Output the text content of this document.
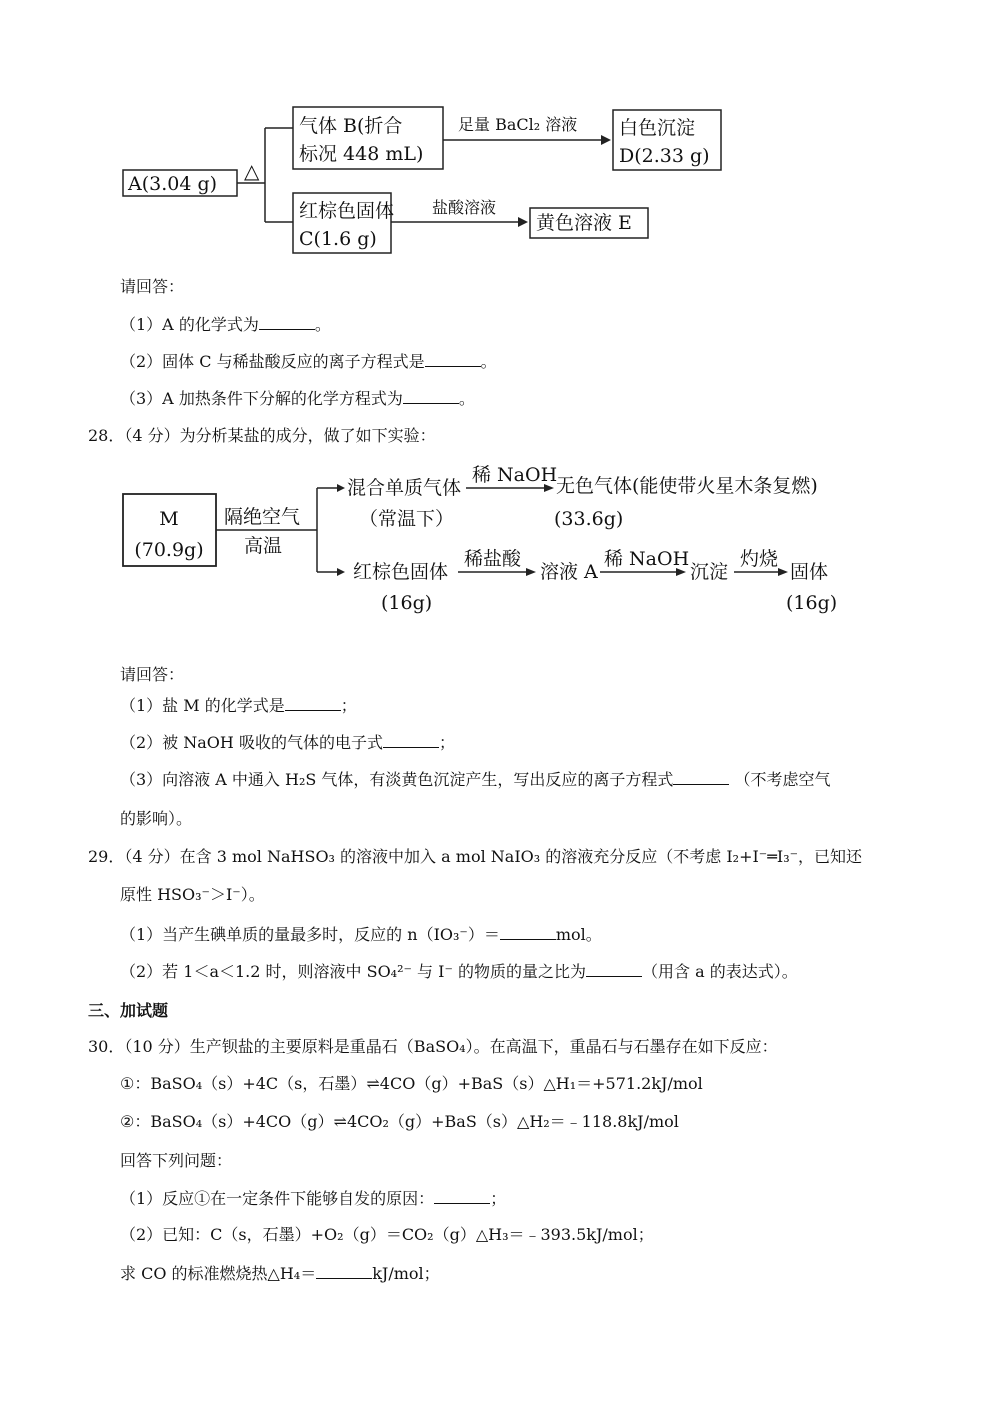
A(3.04 g)
△
气体 B(折合
标况 448 mL)
足量 BaCl₂ 溶液 白色沉淀
D(2.33 g)
红棕色固体
C(1.6 g)
盐酸溶液
黄色溶液 E
请回答：
（1）A 的化学式为	。
（2）固体 C 与稀盐酸反应的离子方程式是	。
（3）A 加热条件下分解的化学方程式为	。
28．（4 分）为分析某盐的成分，做了如下实验：
M
(70.9g)
隔绝空气
高温
混合单质气体
（常温下）
稀 NaOH
无色气体(能使带火星木条复燃)
(33.6g)
红棕色固体
(16g)
稀盐酸
溶液 A
稀 NaOH
沉淀
灼烧
固体
(16g)
请回答：
（1）盐 M 的化学式是	；
（2）被 NaOH 吸收的气体的电子式	；
（3）向溶液 A 中通入 H₂S 气体，有淡黄色沉淀产生，写出反应的离子方程式	（不考虑空气
的影响）。
29．（4 分）在含 3 mol NaHSO₃ 的溶液中加入 a mol NaIO₃ 的溶液充分反应（不考虑 I₂+I⁻═I₃⁻，已知还
原性 HSO₃⁻＞I⁻）。
（1）当产生碘单质的量最多时，反应的 n（IO₃⁻）＝	mol。
（2）若 1＜a＜1.2 时，则溶液中 SO₄²⁻ 与 I⁻ 的物质的量之比为	（用含 a 的表达式）。
三、加试题
30．（10 分）生产钡盐的主要原料是重晶石（BaSO₄）。在高温下，重晶石与石墨存在如下反应：
①：BaSO₄（s）+4C（s，石墨）⇌4CO（g）+BaS（s）△H₁＝+571.2kJ/mol
②：BaSO₄（s）+4CO（g）⇌4CO₂（g）+BaS（s）△H₂＝﹣118.8kJ/mol
回答下列问题：
（1）反应①在一定条件下能够自发的原因：	；
（2）已知：C（s，石墨）+O₂（g）＝CO₂（g）△H₃＝﹣393.5kJ/mol；
求 CO 的标准燃烧热△H₄＝	kJ/mol；
